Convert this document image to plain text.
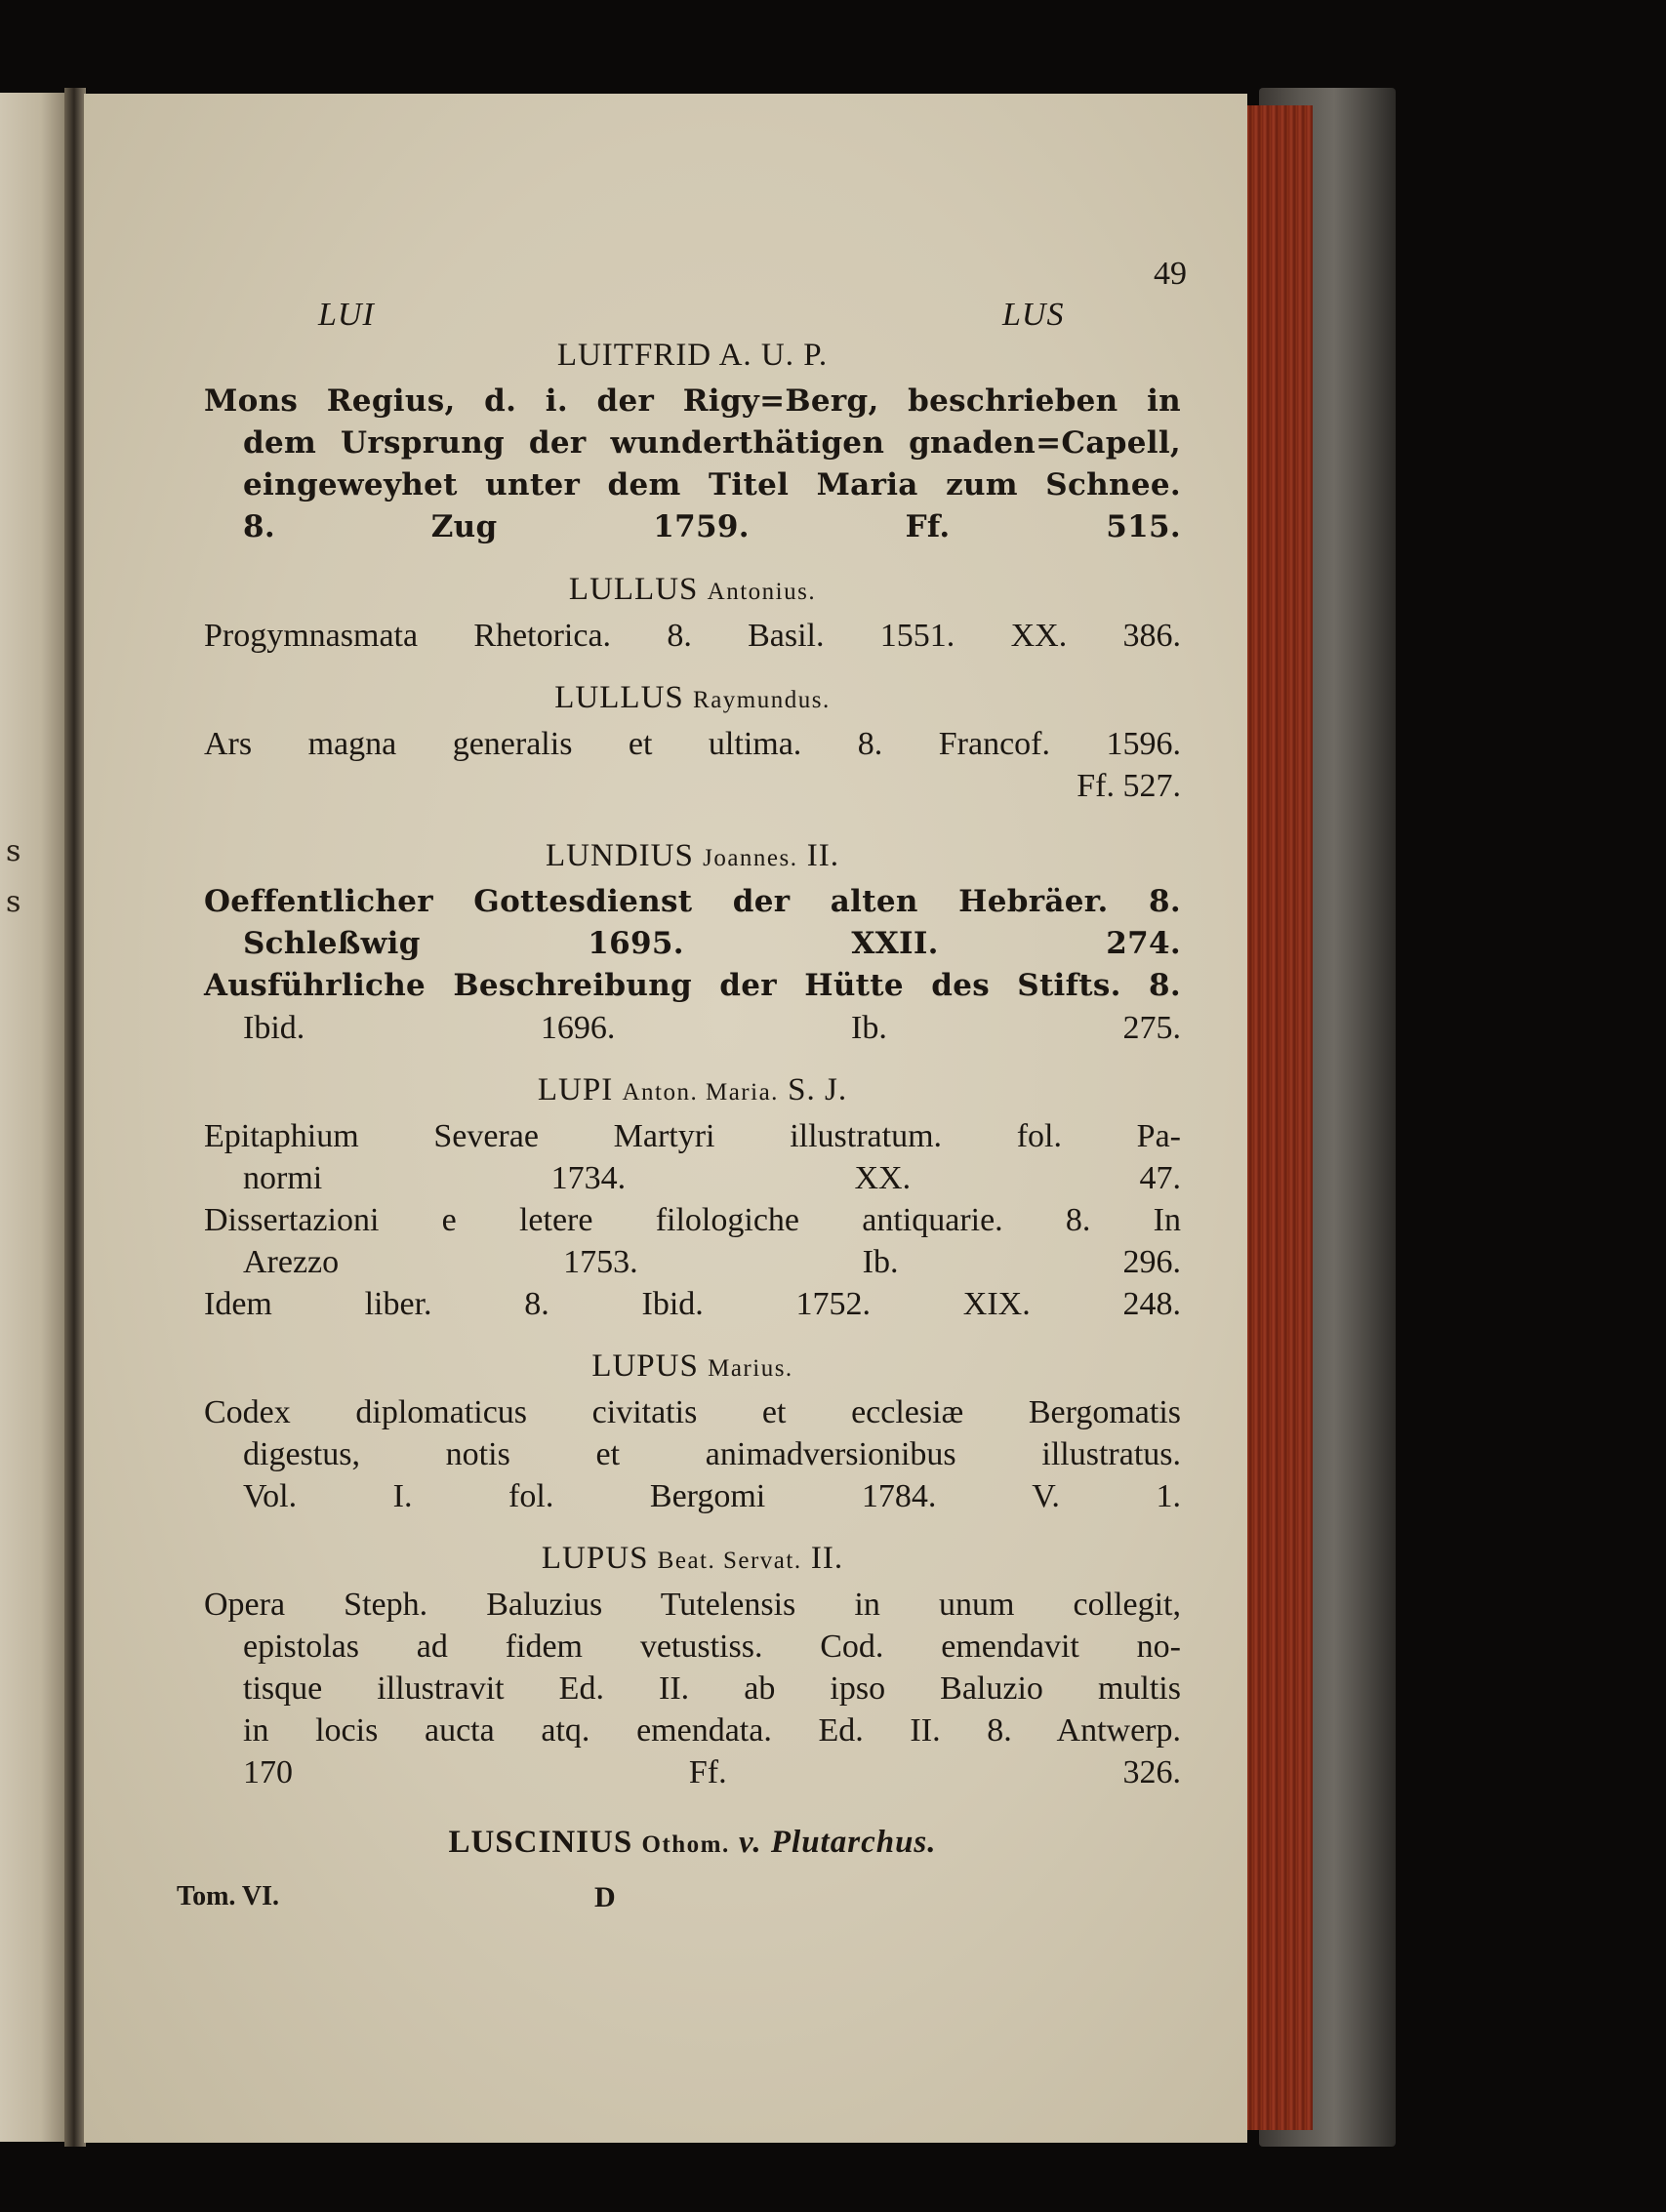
s
s
49
LUI	LUS

LUITFRID A. U. P.

Mons Regius, d. i. der Rigy=Berg, beschrieben in

dem Ursprung der wunderthätigen gnaden=Capell,

eingeweyhet unter dem Titel Maria zum Schnee.

8. Zug 1759. Ff. 515.

LULLUS Antonius.

Progymnasmata Rhetorica. 8. Basil. 1551. XX. 386.

LULLUS Raymundus.

Ars magna generalis et ultima. 8. Francof. 1596.

Ff. 527.

LUNDIUS Joannes. II.

Oeffentlicher Gottesdienst der alten Hebräer. 8.

Schleßwig 1695. XXII. 274.

Ausführliche Beschreibung der Hütte des Stifts. 8.

Ibid. 1696. Ib. 275.

LUPI Anton. Maria. S. J.

Epitaphium Severae Martyri illustratum. fol. Pa-

normi 1734. XX. 47.

Dissertazioni e letere filologiche antiquarie. 8. In

Arezzo 1753. Ib. 296.

Idem liber. 8. Ibid. 1752. XIX. 248.

LUPUS Marius.

Codex diplomaticus civitatis et ecclesiæ Bergomatis

digestus, notis et animadversionibus illustratus.

Vol. I. fol. Bergomi 1784. V. 1.

LUPUS Beat. Servat. II.

Opera Steph. Baluzius Tutelensis in unum collegit,

epistolas ad fidem vetustiss. Cod. emendavit no-

tisque illustravit Ed. II. ab ipso Baluzio multis

in locis aucta atq. emendata. Ed. II. 8. Antwerp.

170 Ff. 326.

LUSCINIUS Othom. v. Plutarchus.

Tom. VI.	D
